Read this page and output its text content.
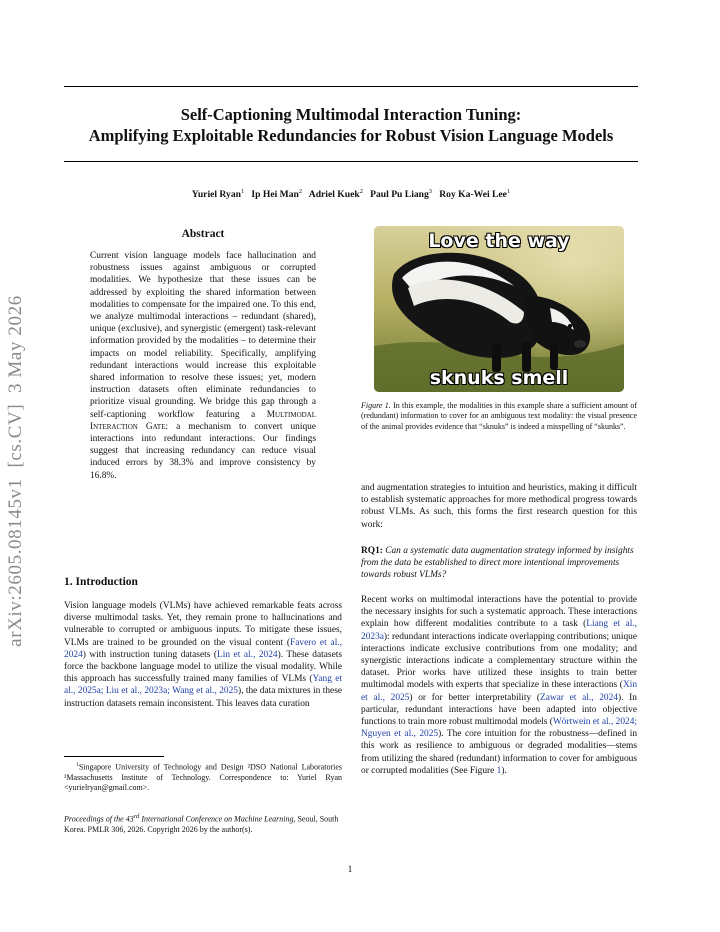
Self-Captioning Multimodal Interaction Tuning:
Amplifying Exploitable Redundancies for Robust Vision Language Models
Yuriel Ryan$^1$ Ip Hei Man$^2$ Adriel Kuek$^2$ Paul Pu Liang$^3$ Roy Ka-Wei Lee$^1$
arXiv:2605.08145v1  [cs.CV]  3 May 2026
Abstract
Current vision language models face hallucination and robustness issues against ambiguous or corrupted modalities. We hypothesize that these issues can be addressed by exploiting the shared information between modalities to compensate for the impaired one. To this end, we analyze multimodal interactions – redundant (shared), unique (exclusive), and synergistic (emergent) task-relevant information provided by the modalities – to determine their impacts on model reliability. Specifically, amplifying redundant interactions would increase this exploitable shared information to resolve these issues; yet, modern instruction datasets often eliminate redundancies to prioritize visual grounding. We bridge this gap through a self-captioning workflow featuring a Multimodal Interaction Gate: a mechanism to convert unique interactions into redundant interactions. Our findings suggest that increasing redundancy can reduce visual induced errors by 38.3% and improve consistency by 16.8%.
1. Introduction
Vision language models (VLMs) have achieved remarkable feats across diverse multimodal tasks. Yet, they remain prone to hallucinations and vulnerable to corrupted or ambiguous inputs. To mitigate these issues, VLMs are trained to be grounded on the visual content (Favero et al., 2024) with instruction tuning datasets (Lin et al., 2024). These datasets force the backbone language model to utilize the visual modality. While this approach has successfully trained many families of VLMs (Yang et al., 2025a; Liu et al., 2023a; Wang et al., 2025), the data mixtures in these instruction datasets remain inconsistent. This leaves data curation
$^1$Singapore University of Technology and Design ²DSO National Laboratories ³Massachusetts Institute of Technology. Correspondence to: Yuriel Ryan <yurielryan@gmail.com>.
Proceedings of the 43rd International Conference on Machine Learning, Seoul, South Korea. PMLR 306, 2026. Copyright 2026 by the author(s).
Love the way
sknuks smell
Figure 1. In this example, the modalities in this example share a sufficient amount of (redundant) information to cover for an ambiguous text modality: the visual presence of the animal provides evidence that “sknuks” is indeed a misspelling of “skunks”.
and augmentation strategies to intuition and heuristics, making it difficult to establish systematic approaches for more methodical progress towards robust VLMs. As such, this forms the first research question for this work:
RQ1: Can a systematic data augmentation strategy informed by insights from the data be established to direct more intentional improvements towards robust VLMs?
Recent works on multimodal interactions have the potential to provide the necessary insights for such a systematic approach. These interactions explain how different modalities contribute to a task (Liang et al., 2023a): redundant interactions indicate overlapping contributions; unique interactions indicate exclusive contributions from one modality; and synergistic interactions indicate a complementary structure within the dataset. Prior works have utilized these insights to train better multimodal models with experts that specialize in these interactions (Xin et al., 2025) or for better interpretability (Zawar et al., 2024). In particular, redundant interactions have been adapted into objective functions to train more robust multimodal models (Wörtwein et al., 2024; Nguyen et al., 2025). The core intuition for the robustness—defined in this work as resilience to ambiguous or degraded modalities—stems from utilizing the shared (redundant) information to cover for ambiguous or corrupted modalities (See Figure 1).
1
